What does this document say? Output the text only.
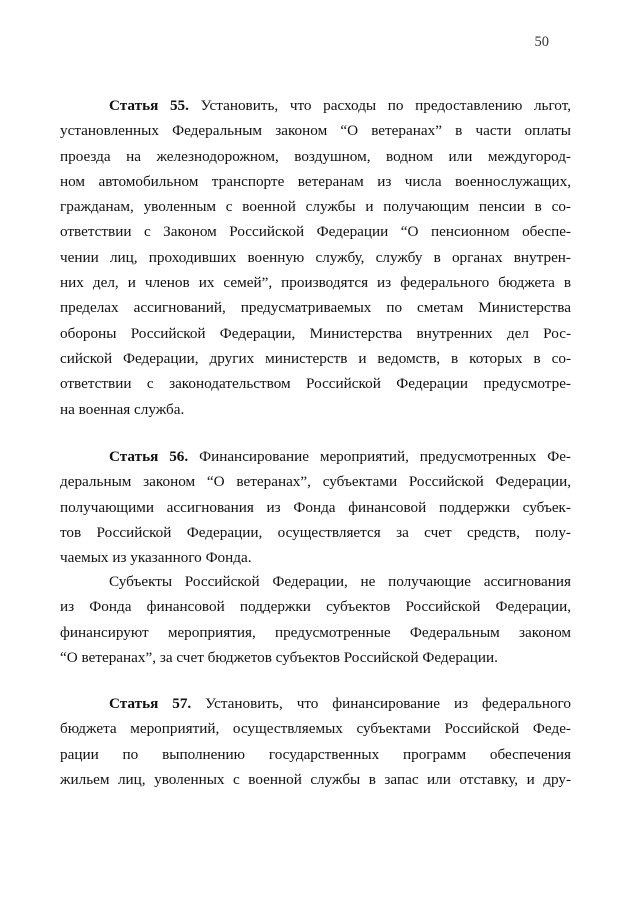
50
Статья 55. Установить, что расходы по предоставлению льгот,
установленных Федеральным законом “О ветеранах” в части оплаты
проезда на железнодорожном, воздушном, водном или междугород-
ном автомобильном транспорте ветеранам из числа военнослужащих,
гражданам, уволенным с военной службы и получающим пенсии в со-
ответствии с Законом Российской Федерации “О пенсионном обеспе-
чении лиц, проходивших военную службу, службу в органах внутрен-
них дел, и членов их семей”, производятся из федерального бюджета в
пределах ассигнований, предусматриваемых по сметам Министерства
обороны Российской Федерации, Министерства внутренних дел Рос-
сийской Федерации, других министерств и ведомств, в которых в со-
ответствии с законодательством Российской Федерации предусмотре-
на военная служба.
Статья 56. Финансирование мероприятий, предусмотренных Фе-
деральным законом “О ветеранах”, субъектами Российской Федерации,
получающими ассигнования из Фонда финансовой поддержки субъек-
тов Российской Федерации, осуществляется за счет средств, полу-
чаемых из указанного Фонда.
Субъекты Российской Федерации, не получающие ассигнования
из Фонда финансовой поддержки субъектов Российской Федерации,
финансируют мероприятия, предусмотренные Федеральным законом
“О ветеранах”, за счет бюджетов субъектов Российской Федерации.
Статья 57. Установить, что финансирование из федерального
бюджета мероприятий, осуществляемых субъектами Российской Феде-
рации по выполнению государственных программ обеспечения
жильем лиц, уволенных с военной службы в запас или отставку, и дру-
